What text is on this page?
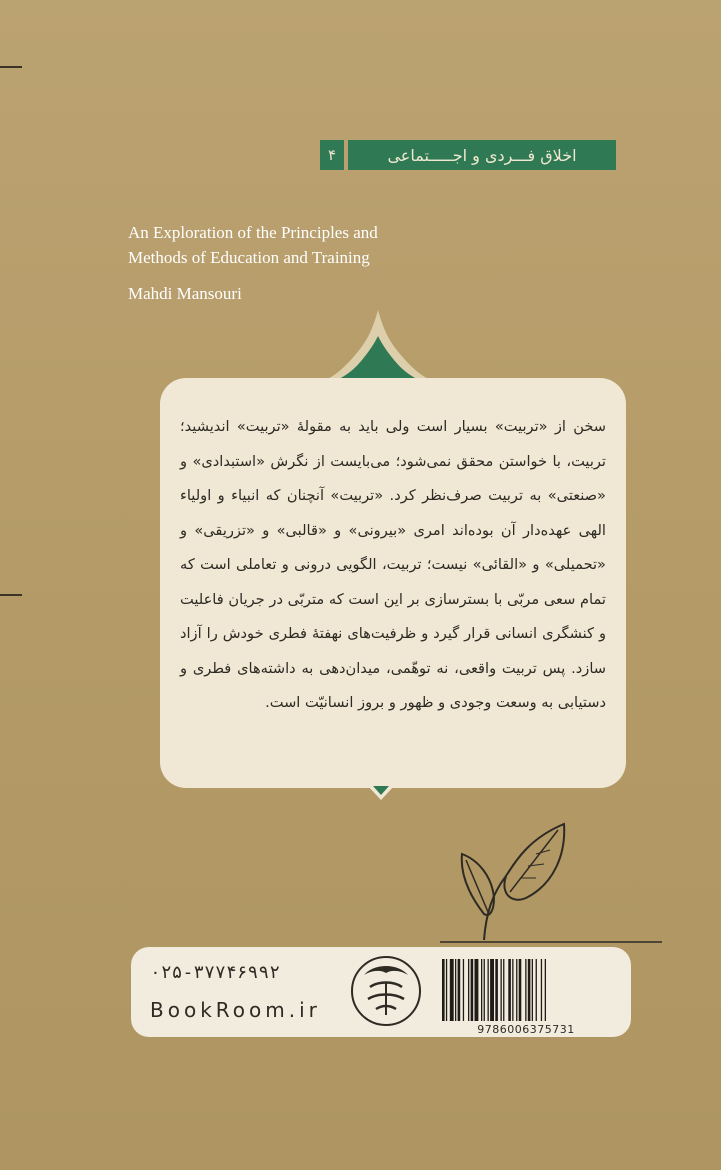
۴	اخلاق فـــردی و اجـــــتماعی
An Exploration of the Principles and Methods of Education and Training
Mahdi Mansouri
سخن از «تربیت» بسیار است ولی باید به مقولهٔ «تربیت» اندیشید؛ تربیت، با خواستن محقق نمی‌شود؛ می‌بایست از نگرش «استبدادی» و «صنعتی» به تربیت صرف‌نظر کرد. «تربیت» آنچنان که انبیاء و اولیاء الهی عهده‌دار آن بوده‌اند امری «بیرونی» و «قالبی» و «تزریقی» و «تحمیلی» و «القائی» نیست؛ تربیت، الگویی درونی و تعاملی است که تمام سعی مربّی با بسترسازی بر این است که متربّی در جریان فاعلیت و کنشگری انسانی قرار گیرد و ظرفیت‌های نهفتهٔ فطری خودش را آزاد سازد. پس تربیت واقعی، نه توهّمی، میدان‌دهی به داشته‌های فطری و دستیابی به وسعت وجودی و ظهور و بروز انسانیّت است.
۰۲۵-۳۷۷۴۶۹۹۲
BookRoom.ir
9786006375731
